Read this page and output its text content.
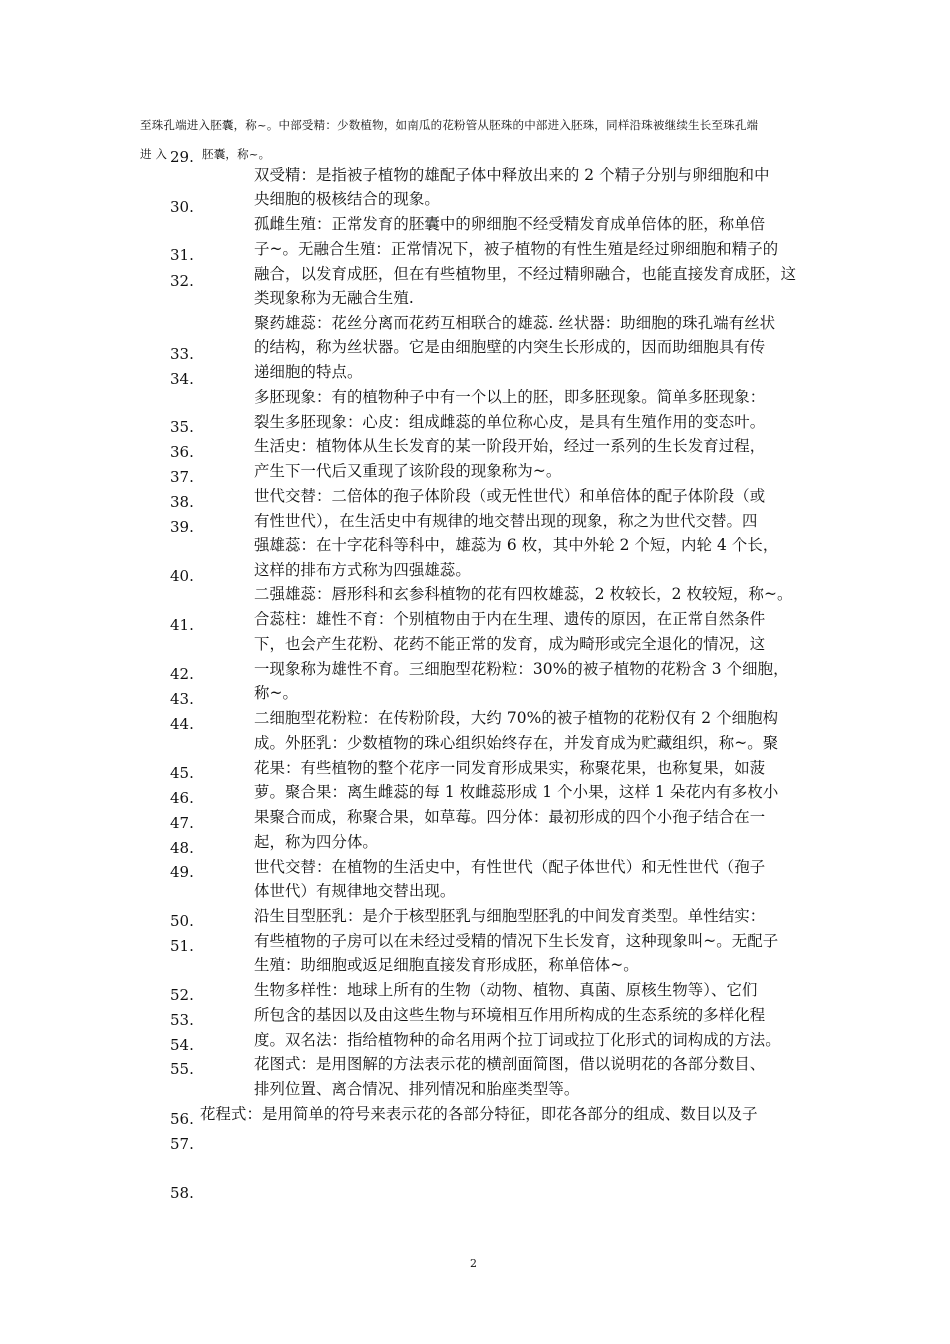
至珠孔端进入胚囊，称~。中部受精：少数植物，如南瓜的花粉管从胚珠的中部进入胚珠，同样沿珠被继续生长至珠孔端
进 入	胚囊，称~。
29.
30.
31.
32.
33.
34.
35.
36.
37.
38.
39.
40.
41.
42.
43.
44.
45.
46.
47.
48.
49.
50.
51.
52.
53.
54.
55.
56.
57.
58.
双受精：是指被子植物的雄配子体中释放出来的 2 个精子分别与卵细胞和中
央细胞的极核结合的现象。
孤雌生殖：正常发育的胚囊中的卵细胞不经受精发育成单倍体的胚，称单倍
子~。无融合生殖：正常情况下，被子植物的有性生殖是经过卵细胞和精子的
融合，以发育成胚，但在有些植物里，不经过精卵融合，也能直接发育成胚，这
类现象称为无融合生殖.
聚药雄蕊：花丝分离而花药互相联合的雄蕊. 丝状器：助细胞的珠孔端有丝状
的结构，称为丝状器。它是由细胞壁的内突生长形成的，因而助细胞具有传
递细胞的特点。
多胚现象：有的植物种子中有一个以上的胚，即多胚现象。简单多胚现象：
裂生多胚现象：心皮：组成雌蕊的单位称心皮，是具有生殖作用的变态叶。
生活史：植物体从生长发育的某一阶段开始，经过一系列的生长发育过程，
产生下一代后又重现了该阶段的现象称为~。
世代交替：二倍体的孢子体阶段（或无性世代）和单倍体的配子体阶段（或
有性世代），在生活史中有规律的地交替出现的现象，称之为世代交替。四
强雄蕊：在十字花科等科中，雄蕊为 6 枚，其中外轮 2 个短，内轮 4 个长，
这样的排布方式称为四强雄蕊。
二强雄蕊：唇形科和玄参科植物的花有四枚雄蕊，2 枚较长，2 枚较短，称~。
合蕊柱：雄性不育：个别植物由于内在生理、遗传的原因，在正常自然条件
下，也会产生花粉、花药不能正常的发育，成为畸形或完全退化的情况，这
一现象称为雄性不育。三细胞型花粉粒：30%的被子植物的花粉含 3 个细胞，
称~。
二细胞型花粉粒：在传粉阶段，大约 70%的被子植物的花粉仅有 2 个细胞构
成。外胚乳：少数植物的珠心组织始终存在，并发育成为贮藏组织，称~。聚
花果：有些植物的整个花序一同发育形成果实，称聚花果，也称复果，如菠
萝。聚合果：离生雌蕊的每 1 枚雌蕊形成 1 个小果，这样 1 朵花内有多枚小
果聚合而成，称聚合果，如草莓。四分体：最初形成的四个小孢子结合在一
起，称为四分体。
世代交替：在植物的生活史中，有性世代（配子体世代）和无性世代（孢子
体世代）有规律地交替出现。
沿生目型胚乳：是介于核型胚乳与细胞型胚乳的中间发育类型。单性结实：
有些植物的子房可以在未经过受精的情况下生长发育，这种现象叫~。无配子
生殖：助细胞或返足细胞直接发育形成胚，称单倍体~。
生物多样性：地球上所有的生物（动物、植物、真菌、原核生物等）、它们
所包含的基因以及由这些生物与环境相互作用所构成的生态系统的多样化程
度。双名法：指给植物种的命名用两个拉丁词或拉丁化形式的词构成的方法。
花图式：是用图解的方法表示花的横剖面简图，借以说明花的各部分数目、
排列位置、离合情况、排列情况和胎座类型等。
花程式：是用简单的符号来表示花的各部分特征，即花各部分的组成、数目以及子
2
